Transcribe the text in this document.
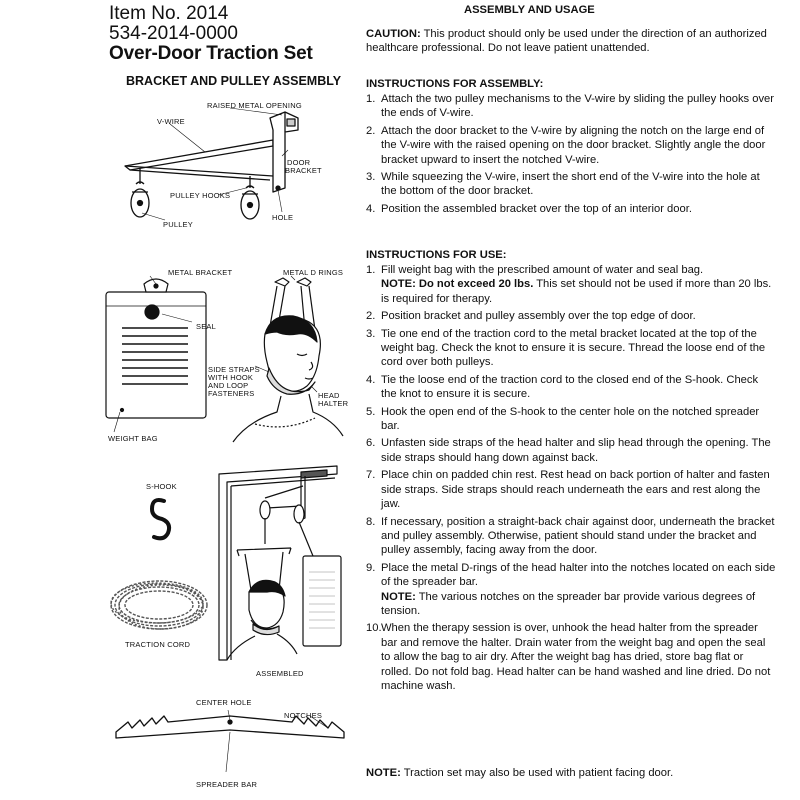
Item No. 2014
534-2014-0000
Over-Door Traction Set
BRACKET AND PULLEY ASSEMBLY
RAISED METAL OPENING
V-WIRE
DOOR
BRACKET
PULLEY HOOKS
HOLE
PULLEY
METAL BRACKET
SEAL
WEIGHT BAG
METAL D RINGS
SIDE STRAPS
WITH HOOK
AND LOOP
FASTENERS	HEAD
HALTER
S-HOOK
TRACTION CORD
ASSEMBLED
CENTER HOLE
NOTCHES
SPREADER BAR
ASSEMBLY AND USAGE
CAUTION: This product should only be used under the direction of an authorized healthcare professional. Do not leave patient unattended.
INSTRUCTIONS FOR ASSEMBLY:
1. Attach the two pulley mechanisms to the V-wire by sliding the pulley hooks over the ends of V-wire.
2. Attach the door bracket to the V-wire by aligning the notch on the large end of the V-wire with the raised opening on the door bracket. Slightly angle the door bracket upward to insert the notched V-wire.
3. While squeezing the V-wire, insert the short end of the V-wire into the hole at the bottom of the door bracket.
4. Position the assembled bracket over the top of an interior door.
INSTRUCTIONS FOR USE:
1. Fill weight bag with the prescribed amount of water and seal bag.
NOTE: Do not exceed 20 lbs. This set should not be used if more than 20 lbs. is required for therapy.
2. Position bracket and pulley assembly over the top edge of door.
3. Tie one end of the traction cord to the metal bracket located at the top of the weight bag. Check the knot to ensure it is secure. Thread the loose end of the cord over both pulleys.
4. Tie the loose end of the traction cord to the closed end of the S-hook. Check the knot to ensure it is secure.
5. Hook the open end of the S-hook to the center hole on the notched spreader bar.
6. Unfasten side straps of the head halter and slip head through the opening. The side straps should hang down against back.
7. Place chin on padded chin rest. Rest head on back portion of halter and fasten side straps. Side straps should reach underneath the ears and rest along the jaw.
8. If necessary, position a straight-back chair against door, underneath the bracket and pulley assembly. Otherwise, patient should stand under the bracket and pulley assembly, facing away from the door.
9. Place the metal D-rings of the head halter into the notches located on each side of the spreader bar.
NOTE: The various notches on the spreader bar provide various degrees of tension.
10. When the therapy session is over, unhook the head halter from the spreader bar and remove the halter. Drain water from the weight bag and open the seal to allow the bag to air dry. After the weight bag has dried, store bag flat or rolled. Do not fold bag. Head halter can be hand washed and line dried. Do not machine wash.
NOTE: Traction set may also be used with patient facing door.
